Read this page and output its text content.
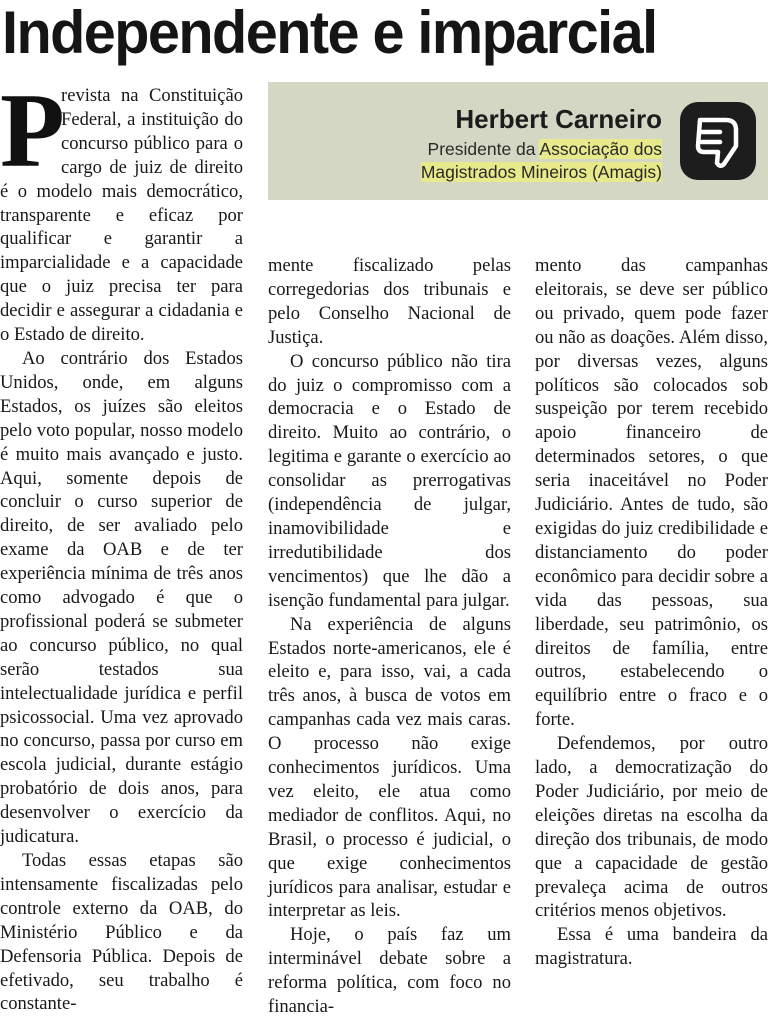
Independente e imparcial
Herbert Carneiro
Presidente da Associação dos Magistrados Mineiros (Amagis)

P
revista na Constituição Federal, a instituição do concurso público para o cargo de juiz de direito é o modelo mais democrático, transparente e eficaz por qualificar e garantir a imparcialidade e a capacidade que o juiz precisa ter para decidir e assegurar a cidadania e o Estado de direito.

Ao contrário dos Estados Unidos, onde, em alguns Estados, os juízes são eleitos pelo voto popular, nosso modelo é muito mais avançado e justo. Aqui, somente depois de concluir o curso superior de direito, de ser avaliado pelo exame da OAB e de ter experiência mínima de três anos como advogado é que o profissional poderá se submeter ao concurso público, no qual serão testados sua intelectualidade jurídica e perfil psicossocial. Uma vez aprovado no concurso, passa por curso em escola judicial, durante estágio probatório de dois anos, para desenvolver o exercício da judicatura.

Todas essas etapas são intensamente fiscalizadas pelo controle externo da OAB, do Ministério Público e da Defensoria Pública. Depois de efetivado, seu trabalho é constante-

mente fiscalizado pelas corregedorias dos tribunais e pelo Conselho Nacional de Justiça.

O concurso público não tira do juiz o compromisso com a democracia e o Estado de direito. Muito ao contrário, o legitima e garante o exercício ao consolidar as prerrogativas (independência de julgar, inamovibilidade e irredutibilidade dos vencimentos) que lhe dão a isenção fundamental para julgar.

Na experiência de alguns Estados norte-americanos, ele é eleito e, para isso, vai, a cada três anos, à busca de votos em campanhas cada vez mais caras. O processo não exige conhecimentos jurídicos. Uma vez eleito, ele atua como mediador de conflitos. Aqui, no Brasil, o processo é judicial, o que exige conhecimentos jurídicos para analisar, estudar e interpretar as leis.

Hoje, o país faz um interminável debate sobre a reforma política, com foco no financia-

mento das campanhas eleitorais, se deve ser público ou privado, quem pode fazer ou não as doações. Além disso, por diversas vezes, alguns políticos são colocados sob suspeição por terem recebido apoio financeiro de determinados setores, o que seria inaceitável no Poder Judiciário. Antes de tudo, são exigidas do juiz credibilidade e distanciamento do poder econômico para decidir sobre a vida das pessoas, sua liberdade, seu patrimônio, os direitos de família, entre outros, estabelecendo o equilíbrio entre o fraco e o forte.

Defendemos, por outro lado, a democratização do Poder Judiciário, por meio de eleições diretas na escolha da direção dos tribunais, de modo que a capacidade de gestão prevaleça acima de outros critérios menos objetivos.

Essa é uma bandeira da magistratura.
